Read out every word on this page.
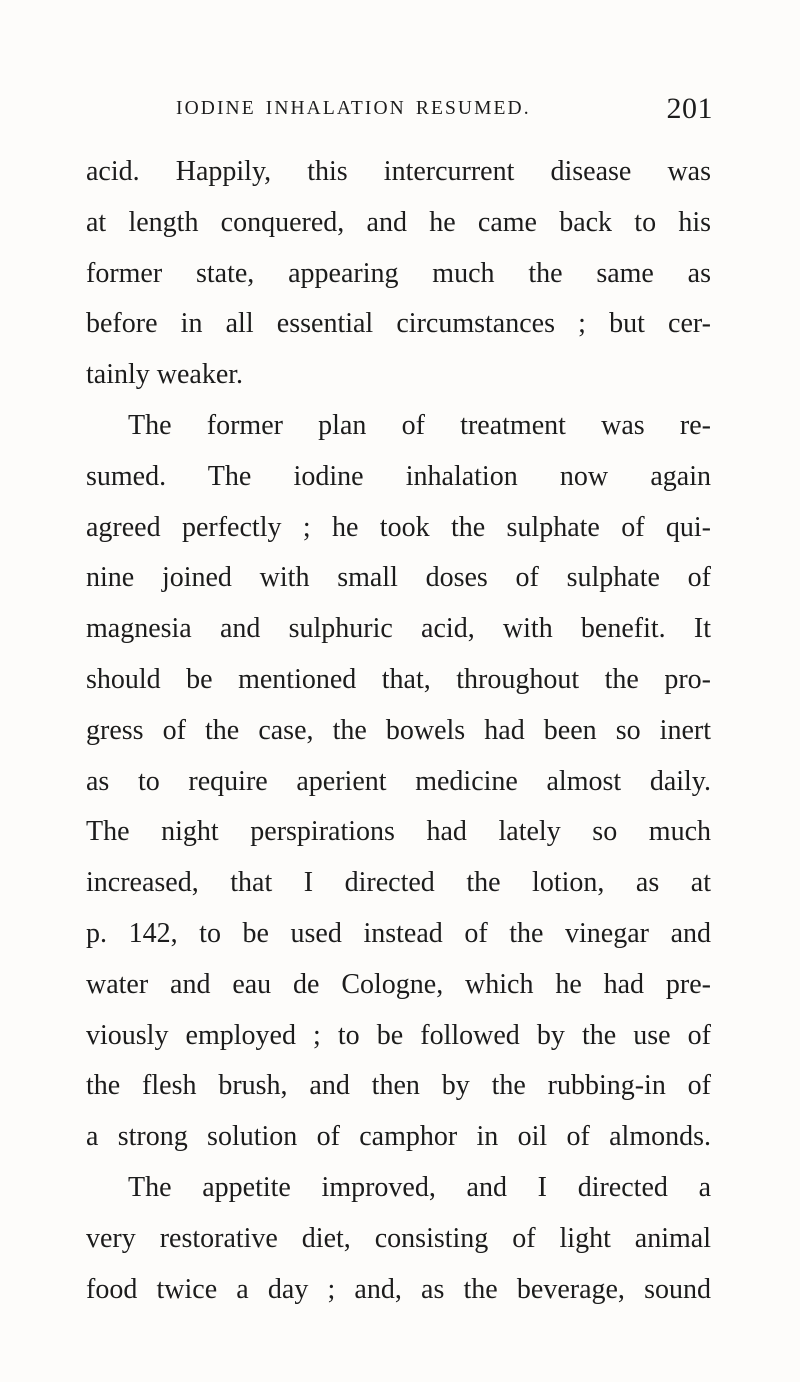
IODINE INHALATION RESUMED.	201
acid. Happily, this intercurrent disease was
at length conquered, and he came back to his
former state, appearing much the same as
before in all essential circumstances ; but cer-
tainly weaker.
The former plan of treatment was re-
sumed. The iodine inhalation now again
agreed perfectly ; he took the sulphate of qui-
nine joined with small doses of sulphate of
magnesia and sulphuric acid, with benefit. It
should be mentioned that, throughout the pro-
gress of the case, the bowels had been so inert
as to require aperient medicine almost daily.
The night perspirations had lately so much
increased, that I directed the lotion, as at
p. 142, to be used instead of the vinegar and
water and eau de Cologne, which he had pre-
viously employed ; to be followed by the use of
the flesh brush, and then by the rubbing-in of
a strong solution of camphor in oil of almonds.
The appetite improved, and I directed a
very restorative diet, consisting of light animal
food twice a day ; and, as the beverage, sound
